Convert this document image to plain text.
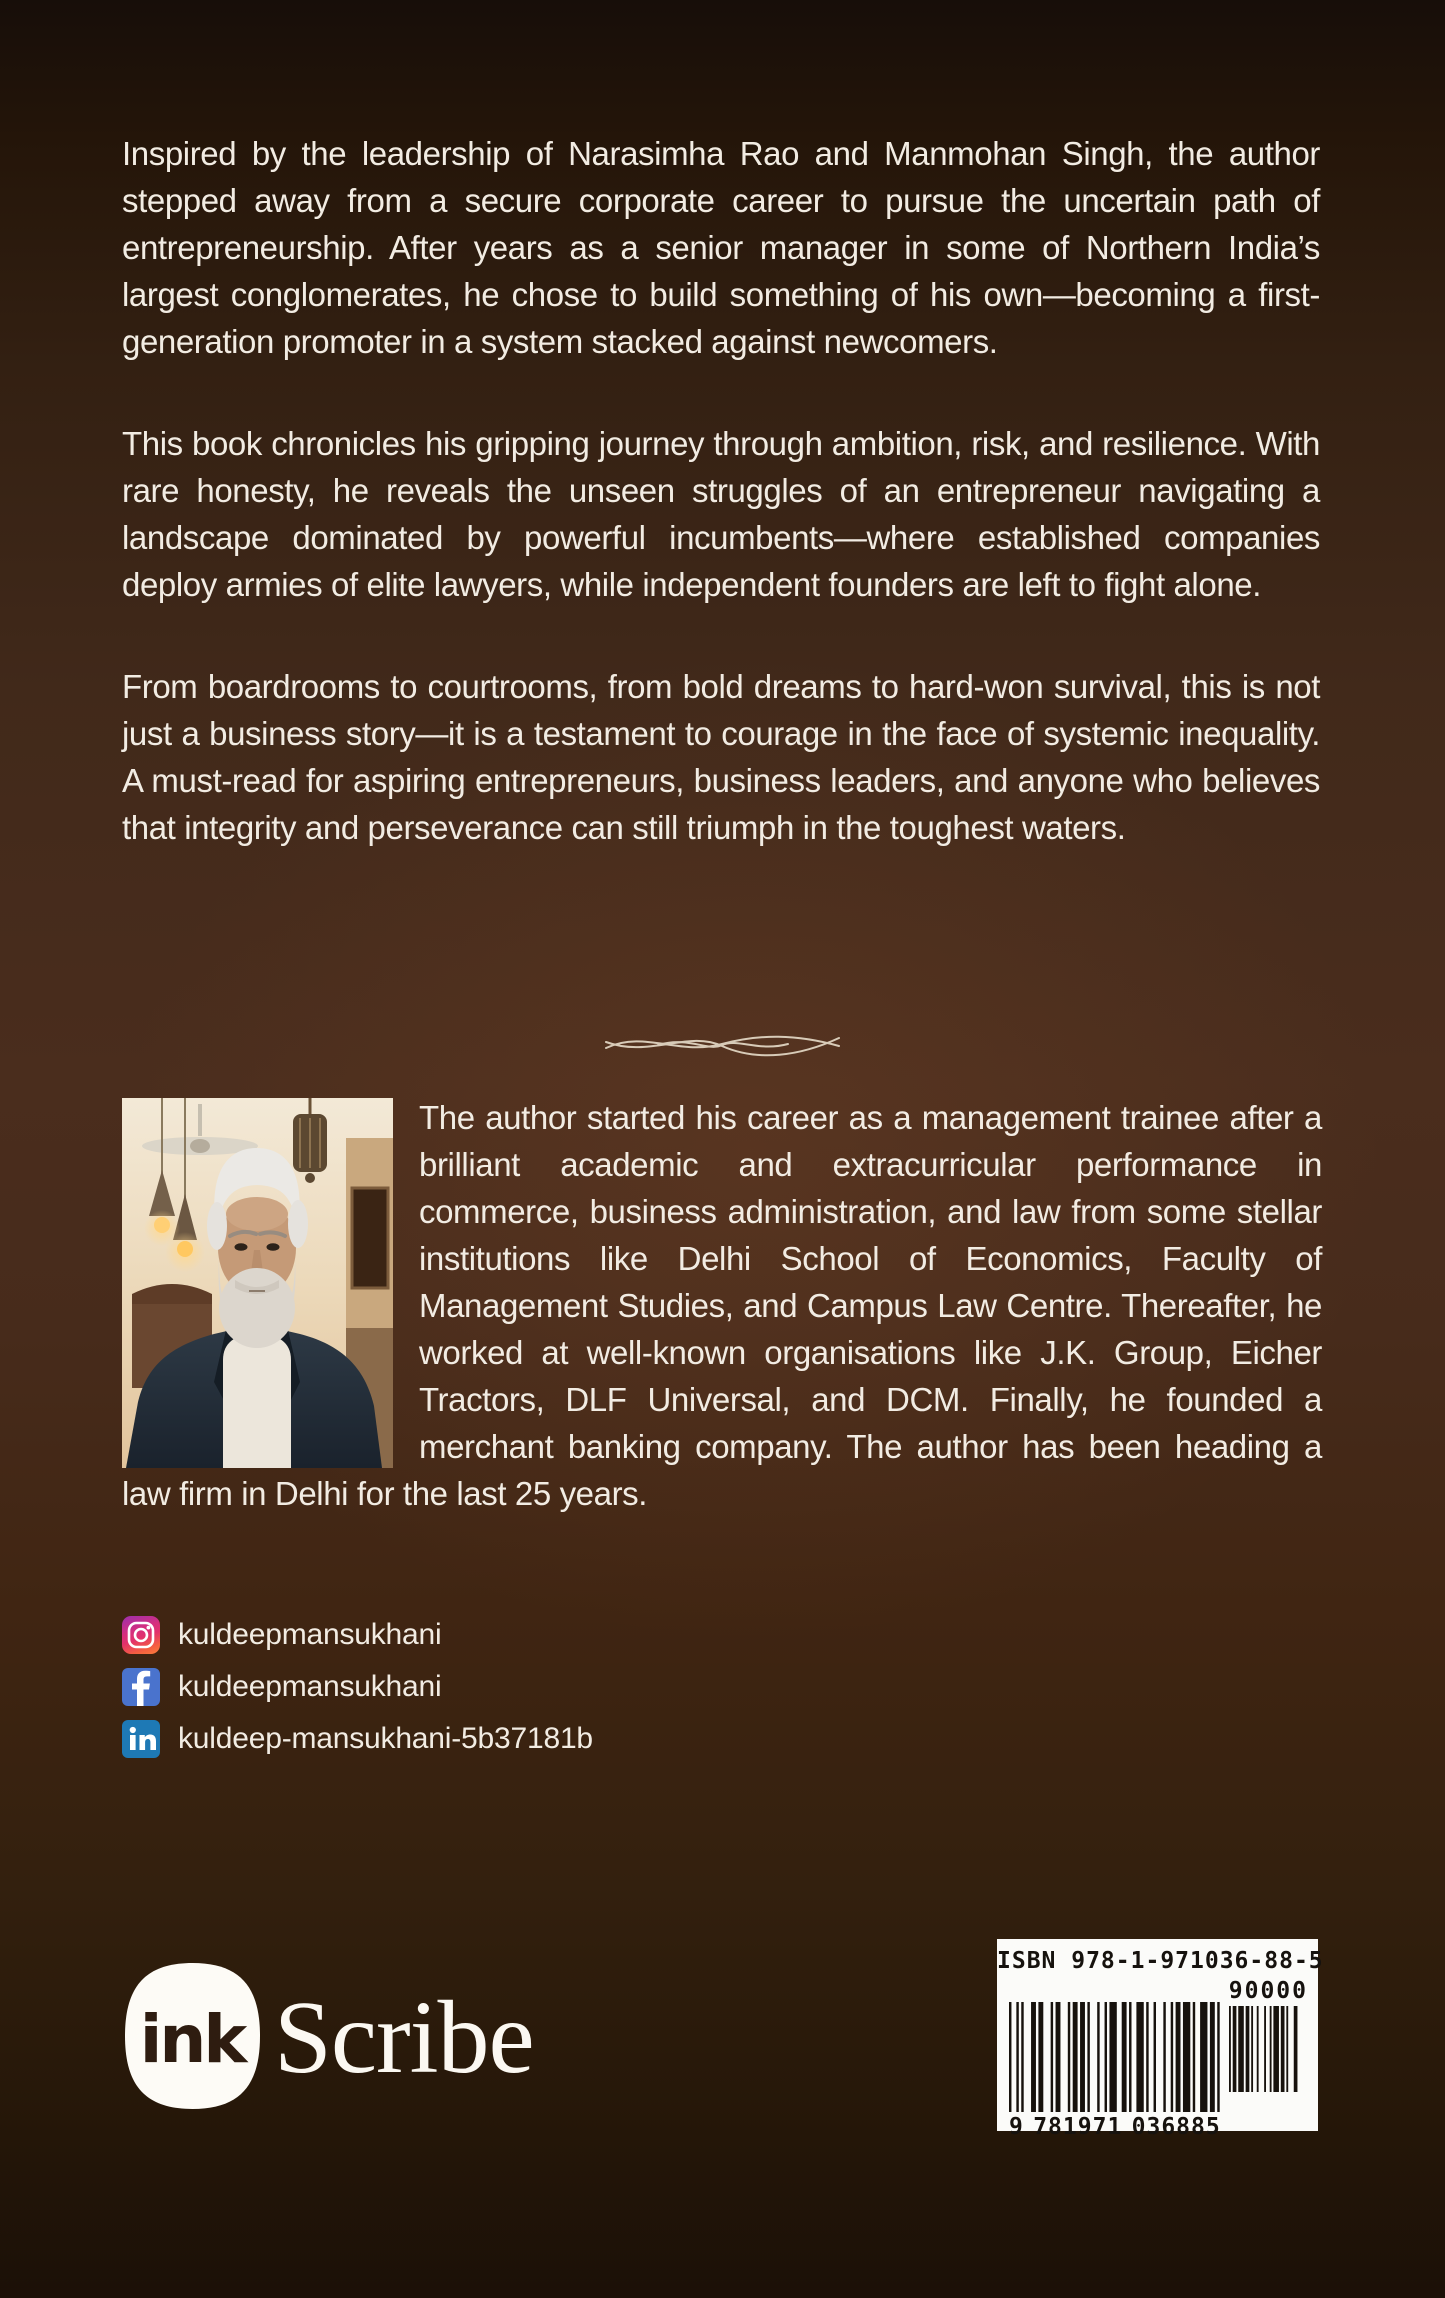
Inspired by the leadership of Narasimha Rao and Manmohan Singh, the author stepped away from a secure corporate career to pursue the uncertain path of entrepreneurship. After years as a senior manager in some of Northern India’s largest conglomerates, he chose to build something of his own—becoming a first-generation promoter in a system stacked against newcomers.

This book chronicles his gripping journey through ambition, risk, and resilience. With rare honesty, he reveals the unseen struggles of an entrepreneur navigating a landscape dominated by powerful incumbents—where established companies deploy armies of elite lawyers, while independent founders are left to fight alone.

From boardrooms to courtrooms, from bold dreams to hard-won survival, this is not just a business story—it is a testament to courage in the face of systemic inequality. A must-read for aspiring entrepreneurs, business leaders, and anyone who believes that integrity and perseverance can still triumph in the toughest waters.

The author started his career as a management trainee after a brilliant academic and extracurricular performance in commerce, business administration, and law from some stellar institutions like Delhi School of Economics, Faculty of Management Studies, and Campus Law Centre. Thereafter, he worked at well-known organisations like J.K. Group, Eicher Tractors, DLF Universal, and DCM. Finally, he founded a merchant banking company. The author has been heading a law firm in Delhi for the last 25 years.

kuldeepmansukhani
kuldeepmansukhani
kuldeep-mansukhani-5b37181b
ink Scribe
ISBN 978-1-971036-88-5
9 781971 036885
90000
